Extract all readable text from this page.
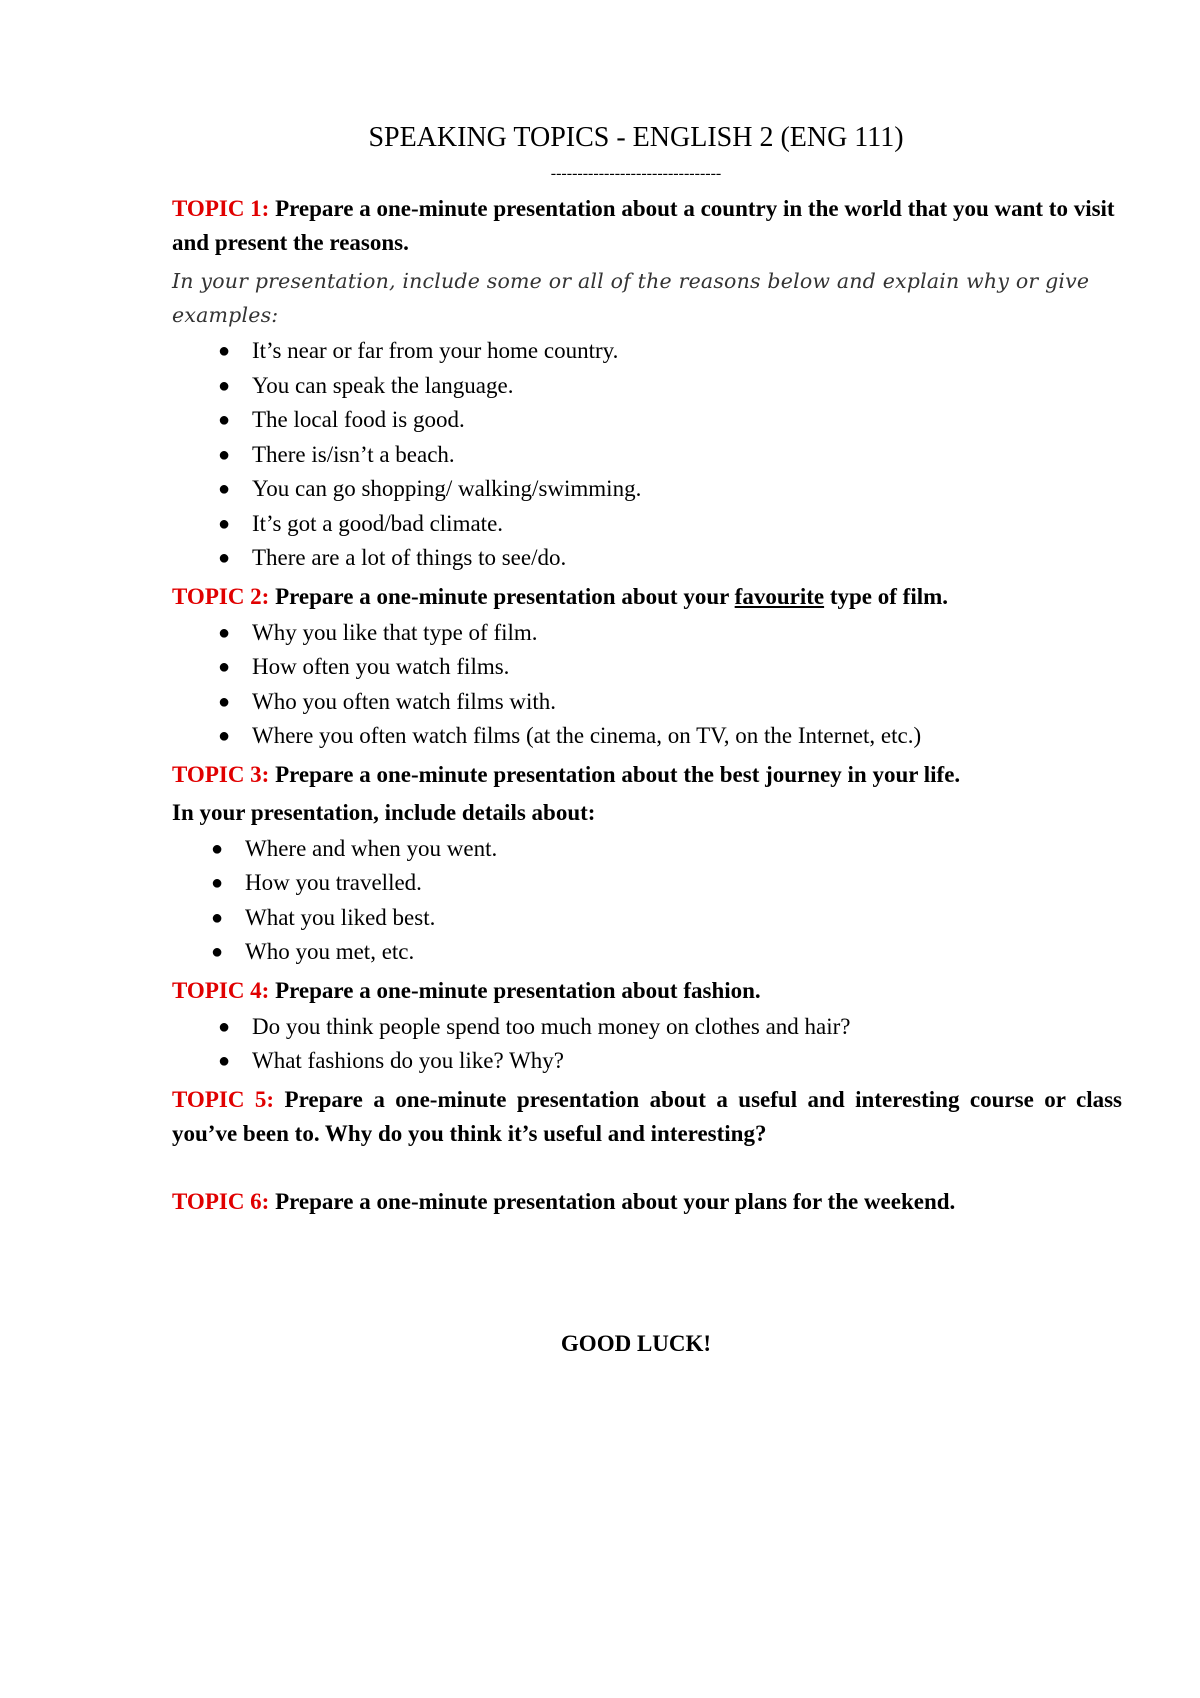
SPEAKING TOPICS - ENGLISH 2 (ENG 111)
--------------------------------

TOPIC 1: Prepare a one-minute presentation about a country in the world that you want to visit and present the reasons.

In your presentation, include some or all of the reasons below and explain why or give examples:

● It’s near or far from your home country.
● You can speak the language.
● The local food is good.
● There is/isn’t a beach.
● You can go shopping/ walking/swimming.
● It’s got a good/bad climate.
● There are a lot of things to see/do.

TOPIC 2: Prepare a one-minute presentation about your favourite type of film.

● Why you like that type of film.
● How often you watch films.
● Who you often watch films with.
● Where you often watch films (at the cinema, on TV, on the Internet, etc.)

TOPIC 3: Prepare a one-minute presentation about the best journey in your life.

In your presentation, include details about:

● Where and when you went.
● How you travelled.
● What you liked best.
● Who you met, etc.

TOPIC 4: Prepare a one-minute presentation about fashion.

● Do you think people spend too much money on clothes and hair?
● What fashions do you like? Why?

TOPIC 5: Prepare a one-minute presentation about a useful and interesting course or class you’ve been to. Why do you think it’s useful and interesting?

TOPIC 6: Prepare a one-minute presentation about your plans for the weekend.

GOOD LUCK!
